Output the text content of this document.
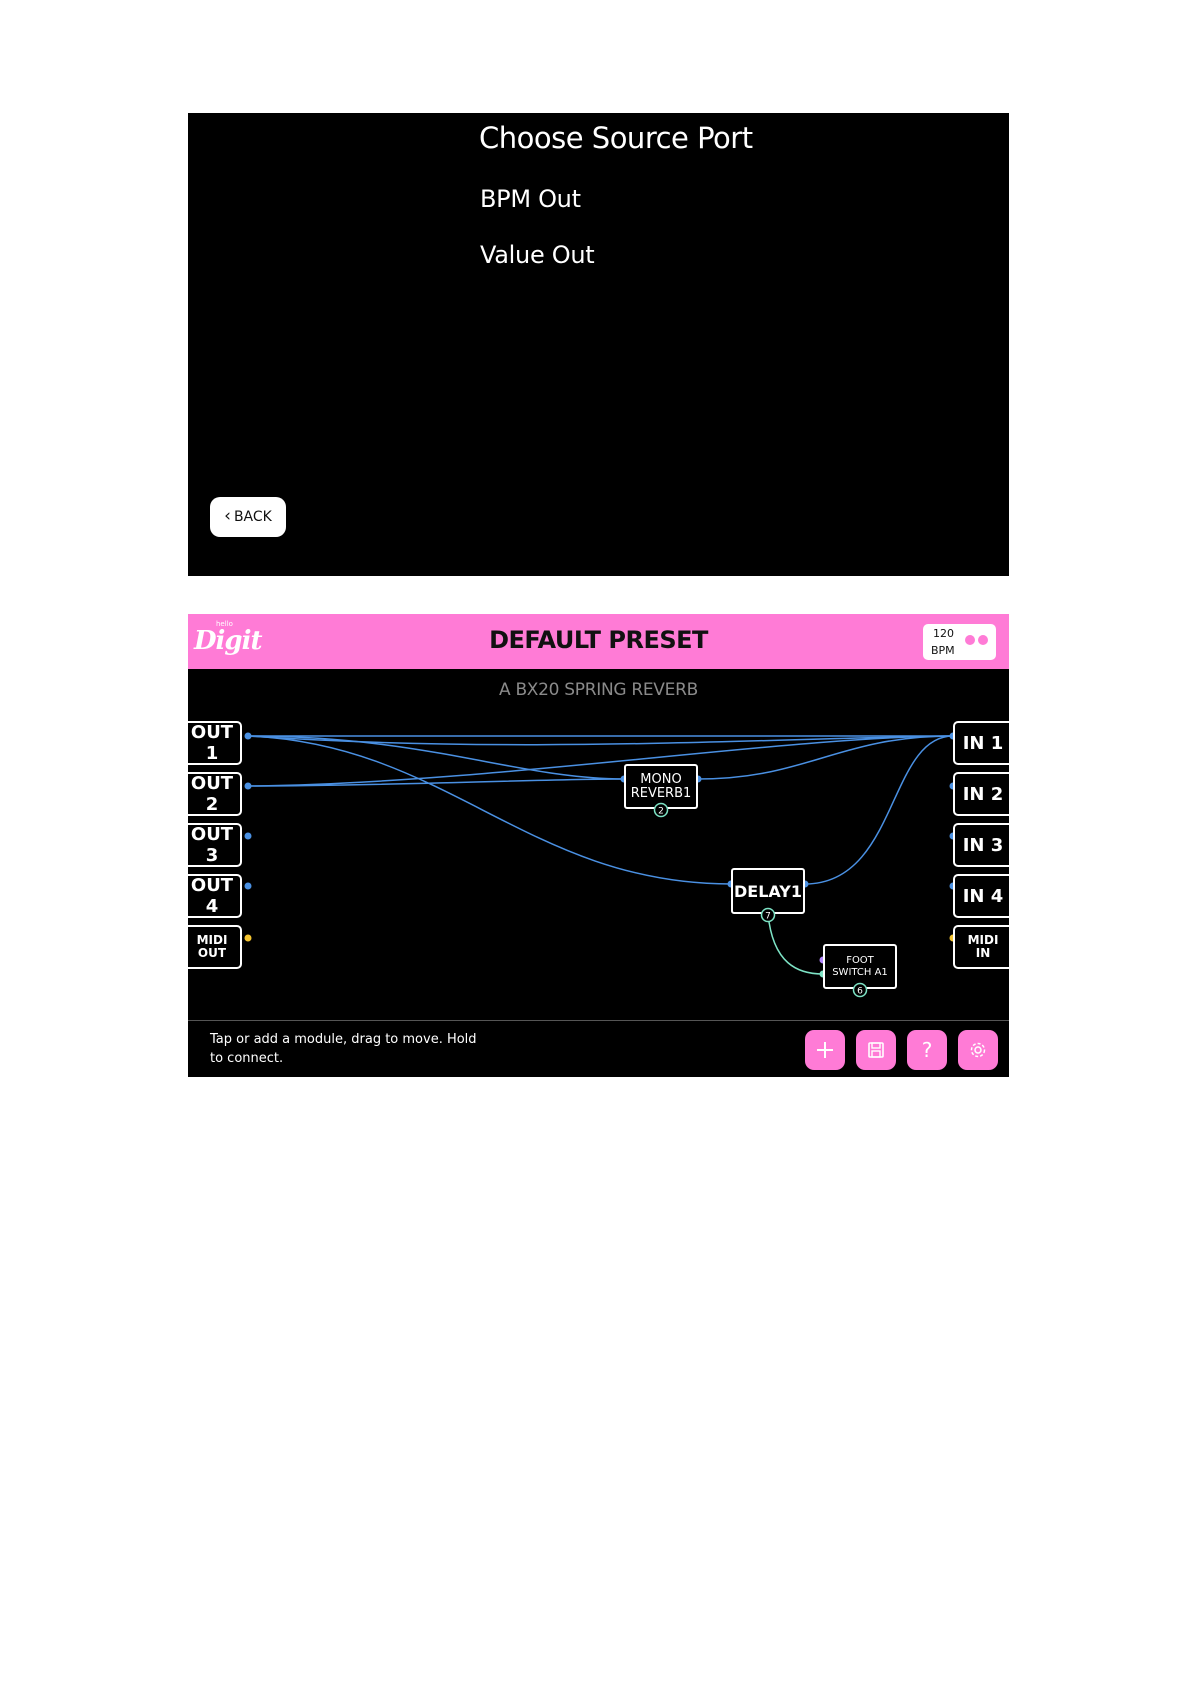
Choose Source Port
BPM Out
Value Out
‹ BACK
hello
Digit	DEFAULT PRESET	120
BPM
A BX20 SPRING REVERB
OUT 1
OUT 2
OUT 3
OUT 4
MIDI
OUT
IN 1
IN 2
IN 3
IN 4
MIDI
IN
MONO
REVERB1
DELAY1
FOOT
SWITCH A1
2
7
6
Tap or add a module, drag to move. Hold to connect.	?
